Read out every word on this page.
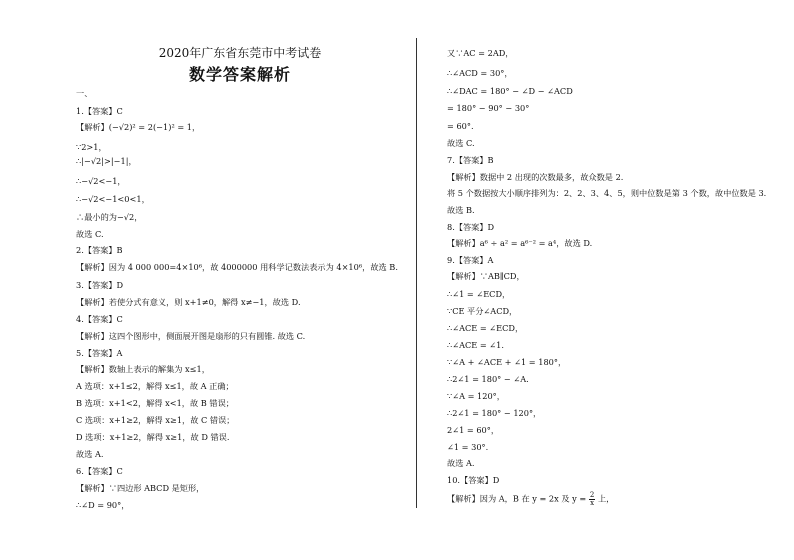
2020年广东省东莞市中考试卷
数学答案解析
一、
1.【答案】C
【解析】(−√2)² = 2(−1)² = 1，
∵2>1，
∴|−√2|>|−1|，
∴−√2<−1，
∴−√2<−1<0<1，
∴最小的为−√2，
故选 C.
2.【答案】B
【解析】因为 4 000 000=4×10⁶，故 4000000 用科学记数法表示为 4×10⁶，故选 B.
3.【答案】D
【解析】若使分式有意义，则 x+1≠0，解得 x≠−1，故选 D.
4.【答案】C
【解析】这四个图形中，侧面展开图是扇形的只有圆锥. 故选 C.
5.【答案】A
【解析】数轴上表示的解集为 x≤1，
A 选项：x+1≤2，解得 x≤1，故 A 正确；
B 选项：x+1<2，解得 x<1，故 B 错误；
C 选项：x+1≥2，解得 x≥1，故 C 错误；
D 选项：x+1≥2，解得 x≥1，故 D 错误.
故选 A.
6.【答案】C
【解析】∵四边形 ABCD 是矩形，
∴∠D = 90°，
【解析】因为 A，B 在 y = 2x 及 $y = \frac{2}{x}$ 上，
又∵AC = 2AD，
∴∠ACD = 30°，
∴∠DAC = 180° − ∠D − ∠ACD
= 180° − 90° − 30°
= 60°.
故选 C.
7.【答案】B
【解析】数据中 2 出现的次数最多，故众数是 2.
将 5 个数据按大小顺序排列为：2、2、3、4、5，则中位数是第 3 个数，故中位数是 3.
故选 B.
8.【答案】D
【解析】a⁶ ÷ a² = a⁶⁻² = a⁴，故选 D.
9.【答案】A
【解析】∵AB∥CD，
∴∠1 = ∠ECD，
∵CE 平分∠ACD，
∴∠ACE = ∠ECD，
∴∠ACE = ∠1.
∵∠A + ∠ACE + ∠1 = 180°，
∴2∠1 = 180° − ∠A.
∵∠A = 120°，
∴2∠1 = 180° − 120°，
2∠1 = 60°，
∠1 = 30°.
故选 A.
10.【答案】D
